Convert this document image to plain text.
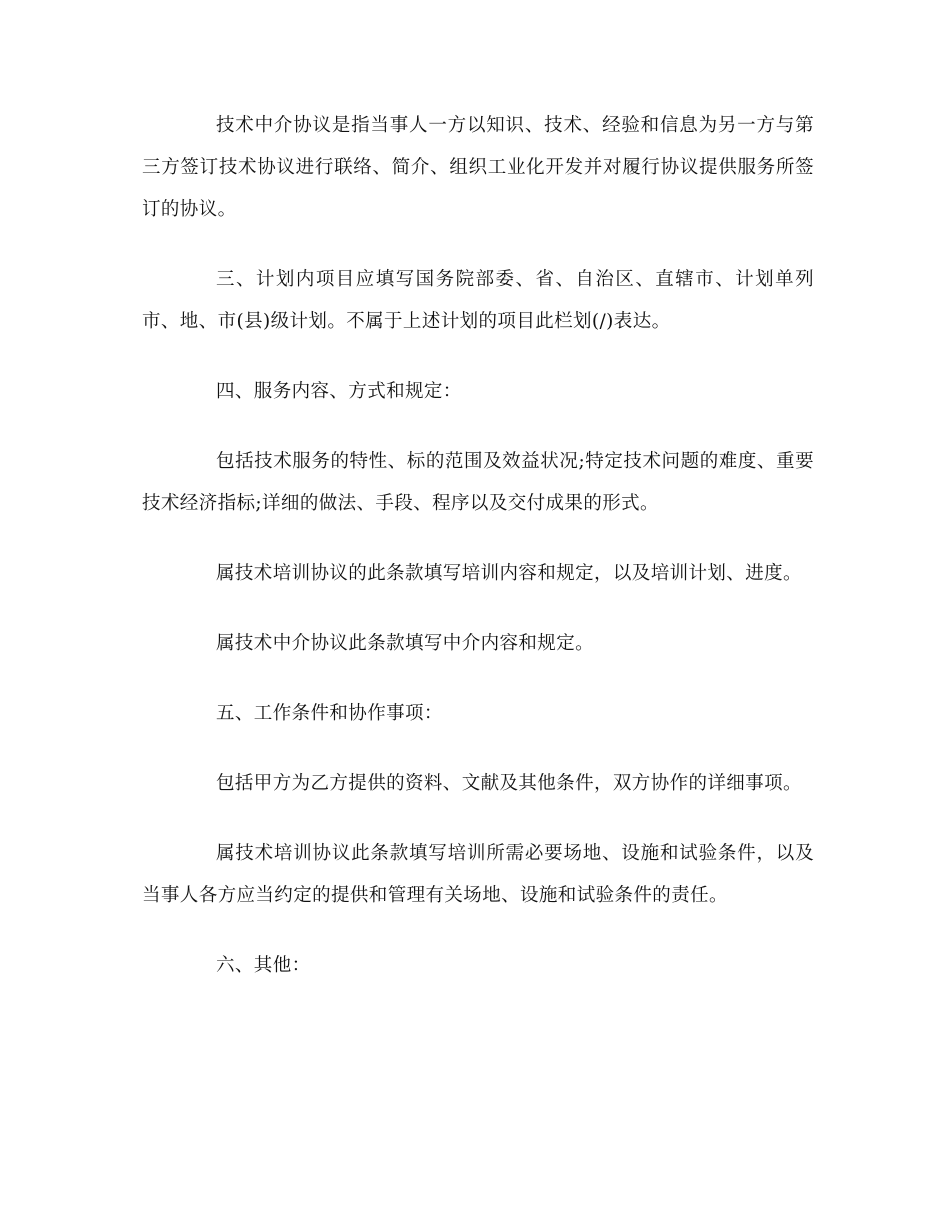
技术中介协议是指当事人一方以知识、技术、经验和信息为另一方与第三方签订技术协议进行联络、简介、组织工业化开发并对履行协议提供服务所签订的协议。

三、计划内项目应填写国务院部委、省、自治区、直辖市、计划单列市、地、市(县)级计划。不属于上述计划的项目此栏划(/)表达。

四、服务内容、方式和规定：

包括技术服务的特性、标的范围及效益状况;特定技术问题的难度、重要技术经济指标;详细的做法、手段、程序以及交付成果的形式。

属技术培训协议的此条款填写培训内容和规定，以及培训计划、进度。

属技术中介协议此条款填写中介内容和规定。

五、工作条件和协作事项：

包括甲方为乙方提供的资料、文献及其他条件，双方协作的详细事项。

属技术培训协议此条款填写培训所需必要场地、设施和试验条件，以及当事人各方应当约定的提供和管理有关场地、设施和试验条件的责任。

六、其他：
